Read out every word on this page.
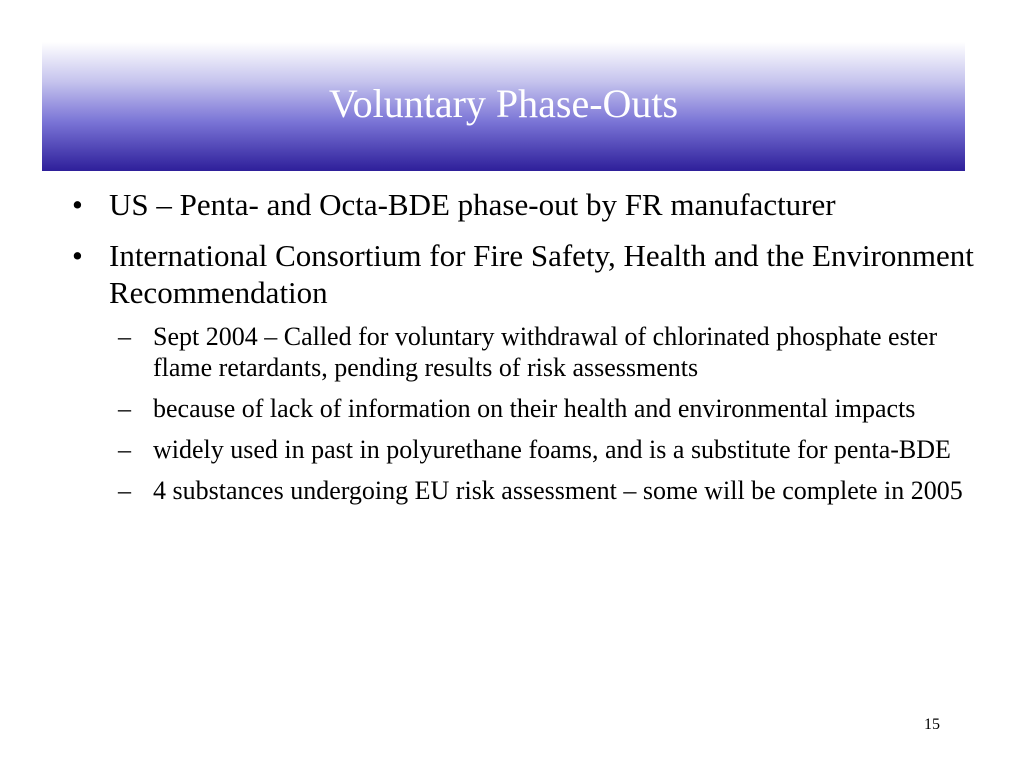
Voluntary Phase-Outs
• US – Penta- and Octa-BDE phase-out by FR manufacturer
• International Consortium for Fire Safety, Health and the Environment Recommendation
– Sept 2004 – Called for voluntary withdrawal of chlorinated phosphate ester flame retardants, pending results of risk assessments
– because of lack of information on their health and environmental impacts
– widely used in past in polyurethane foams, and is a substitute for penta-BDE
– 4 substances undergoing EU risk assessment – some will be complete in 2005
15
